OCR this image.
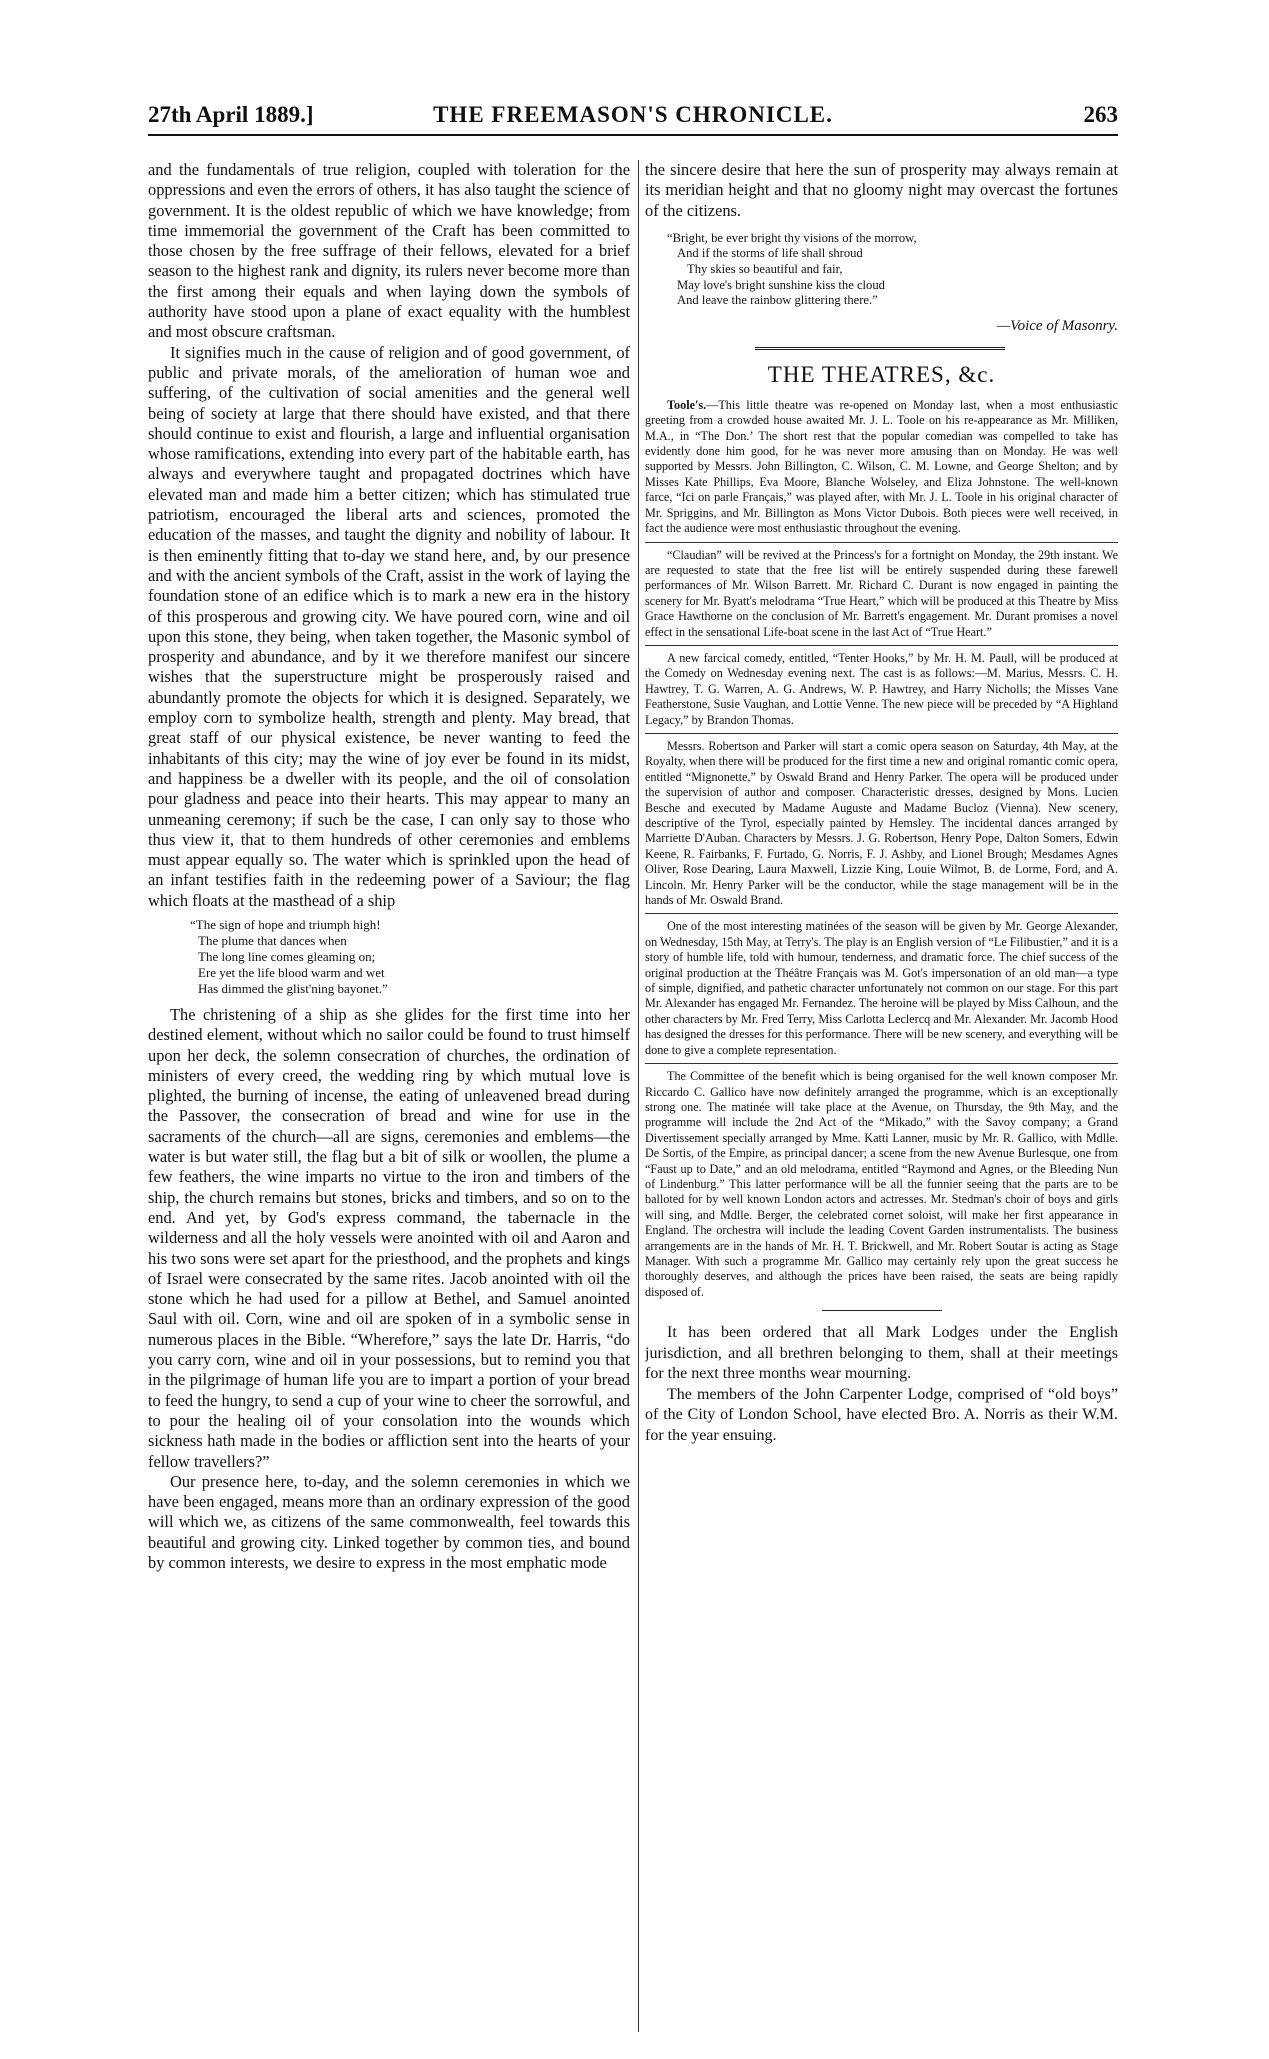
27th April 1889.]	THE FREEMASON'S CHRONICLE.	263

and the fundamentals of true religion, coupled with toleration for the oppressions and even the errors of others, it has also taught the science of government. It is the oldest republic of which we have knowledge; from time immemorial the government of the Craft has been committed to those chosen by the free suffrage of their fellows, elevated for a brief season to the highest rank and dignity, its rulers never become more than the first among their equals and when laying down the symbols of authority have stood upon a plane of exact equality with the humblest and most obscure craftsman.

It signifies much in the cause of religion and of good government, of public and private morals, of the amelioration of human woe and suffering, of the cultivation of social amenities and the general well being of society at large that there should have existed, and that there should continue to exist and flourish, a large and influential organisation whose ramifications, extending into every part of the habitable earth, has always and everywhere taught and propagated doctrines which have elevated man and made him a better citizen; which has stimulated true patriotism, encouraged the liberal arts and sciences, promoted the education of the masses, and taught the dignity and nobility of labour. It is then eminently fitting that to-day we stand here, and, by our presence and with the ancient symbols of the Craft, assist in the work of laying the foundation stone of an edifice which is to mark a new era in the history of this prosperous and growing city. We have poured corn, wine and oil upon this stone, they being, when taken together, the Masonic symbol of prosperity and abundance, and by it we therefore manifest our sincere wishes that the superstructure might be prosperously raised and abundantly promote the objects for which it is designed. Separately, we employ corn to symbolize health, strength and plenty. May bread, that great staff of our physical existence, be never wanting to feed the inhabitants of this city; may the wine of joy ever be found in its midst, and happiness be a dweller with its people, and the oil of consolation pour gladness and peace into their hearts. This may appear to many an unmeaning ceremony; if such be the case, I can only say to those who thus view it, that to them hundreds of other ceremonies and emblems must appear equally so. The water which is sprinkled upon the head of an infant testifies faith in the redeeming power of a Saviour; the flag which floats at the masthead of a ship

“The sign of hope and triumph high!
The plume that dances when
The long line comes gleaming on;
Ere yet the life blood warm and wet
Has dimmed the glist'ning bayonet.”

The christening of a ship as she glides for the first time into her destined element, without which no sailor could be found to trust himself upon her deck, the solemn consecration of churches, the ordination of ministers of every creed, the wedding ring by which mutual love is plighted, the burning of incense, the eating of unleavened bread during the Passover, the consecration of bread and wine for use in the sacraments of the church—all are signs, ceremonies and emblems—the water is but water still, the flag but a bit of silk or woollen, the plume a few feathers, the wine imparts no virtue to the iron and timbers of the ship, the church remains but stones, bricks and timbers, and so on to the end. And yet, by God's express command, the tabernacle in the wilderness and all the holy vessels were anointed with oil and Aaron and his two sons were set apart for the priesthood, and the prophets and kings of Israel were consecrated by the same rites. Jacob anointed with oil the stone which he had used for a pillow at Bethel, and Samuel anointed Saul with oil. Corn, wine and oil are spoken of in a symbolic sense in numerous places in the Bible. “Wherefore,” says the late Dr. Harris, “do you carry corn, wine and oil in your possessions, but to remind you that in the pilgrimage of human life you are to impart a portion of your bread to feed the hungry, to send a cup of your wine to cheer the sorrowful, and to pour the healing oil of your consolation into the wounds which sickness hath made in the bodies or affliction sent into the hearts of your fellow travellers?”

Our presence here, to-day, and the solemn ceremonies in which we have been engaged, means more than an ordinary expression of the good will which we, as citizens of the same commonwealth, feel towards this beautiful and growing city. Linked together by common ties, and bound by common interests, we desire to express in the most emphatic mode

the sincere desire that here the sun of prosperity may always remain at its meridian height and that no gloomy night may overcast the fortunes of the citizens.

“Bright, be ever bright thy visions of the morrow,
And if the storms of life shall shroud
Thy skies so beautiful and fair,
May love's bright sunshine kiss the cloud
And leave the rainbow glittering there.”
—Voice of Masonry.
THE THEATRES, &c.

Toole's.—This little theatre was re-opened on Monday last, when a most enthusiastic greeting from a crowded house awaited Mr. J. L. Toole on his re-appearance as Mr. Milliken, M.A., in “The Don.’ The short rest that the popular comedian was compelled to take has evidently done him good, for he was never more amusing than on Monday. He was well supported by Messrs. John Billington, C. Wilson, C. M. Lowne, and George Shelton; and by Misses Kate Phillips, Eva Moore, Blanche Wolseley, and Eliza Johnstone. The well-known farce, “Ici on parle Français,” was played after, with Mr. J. L. Toole in his original character of Mr. Spriggins, and Mr. Billington as Mons Victor Dubois. Both pieces were well received, in fact the audience were most enthusiastic throughout the evening.

“Claudian” will be revived at the Princess's for a fortnight on Monday, the 29th instant. We are requested to state that the free list will be entirely suspended during these farewell performances of Mr. Wilson Barrett. Mr. Richard C. Durant is now engaged in painting the scenery for Mr. Byatt's melodrama “True Heart,” which will be produced at this Theatre by Miss Grace Hawthorne on the conclusion of Mr. Barrett's engagement. Mr. Durant promises a novel effect in the sensational Life-boat scene in the last Act of “True Heart.”

A new farcical comedy, entitled, “Tenter Hooks,” by Mr. H. M. Paull, will be produced at the Comedy on Wednesday evening next. The cast is as follows:—M. Marius, Messrs. C. H. Hawtrey, T. G. Warren, A. G. Andrews, W. P. Hawtrey, and Harry Nicholls; the Misses Vane Featherstone, Susie Vaughan, and Lottie Venne. The new piece will be preceded by “A Highland Legacy,” by Brandon Thomas.

Messrs. Robertson and Parker will start a comic opera season on Saturday, 4th May, at the Royalty, when there will be produced for the first time a new and original romantic comic opera, entitled “Mignonette,” by Oswald Brand and Henry Parker. The opera will be produced under the supervision of author and composer. Characteristic dresses, designed by Mons. Lucien Besche and executed by Madame Auguste and Madame Bucloz (Vienna). New scenery, descriptive of the Tyrol, especially painted by Hemsley. The incidental dances arranged by Marriette D'Auban. Characters by Messrs. J. G. Robertson, Henry Pope, Dalton Somers, Edwin Keene, R. Fairbanks, F. Furtado, G. Norris, F. J. Ashby, and Lionel Brough; Mesdames Agnes Oliver, Rose Dearing, Laura Maxwell, Lizzie King, Louie Wilmot, B. de Lorme, Ford, and A. Lincoln. Mr. Henry Parker will be the conductor, while the stage management will be in the hands of Mr. Oswald Brand.

One of the most interesting matinées of the season will be given by Mr. George Alexander, on Wednesday, 15th May, at Terry's. The play is an English version of “Le Filibustier,” and it is a story of humble life, told with humour, tenderness, and dramatic force. The chief success of the original production at the Théâtre Français was M. Got's impersonation of an old man—a type of simple, dignified, and pathetic character unfortunately not common on our stage. For this part Mr. Alexander has engaged Mr. Fernandez. The heroine will be played by Miss Calhoun, and the other characters by Mr. Fred Terry, Miss Carlotta Leclercq and Mr. Alexander. Mr. Jacomb Hood has designed the dresses for this performance. There will be new scenery, and everything will be done to give a complete representation.

The Committee of the benefit which is being organised for the well known composer Mr. Riccardo C. Gallico have now definitely arranged the programme, which is an exceptionally strong one. The matinée will take place at the Avenue, on Thursday, the 9th May, and the programme will include the 2nd Act of the “Mikado,” with the Savoy company; a Grand Divertissement specially arranged by Mme. Katti Lanner, music by Mr. R. Gallico, with Mdlle. De Sortis, of the Empire, as principal dancer; a scene from the new Avenue Burlesque, one from “Faust up to Date,” and an old melodrama, entitled “Raymond and Agnes, or the Bleeding Nun of Lindenburg.” This latter performance will be all the funnier seeing that the parts are to be balloted for by well known London actors and actresses. Mr. Stedman's choir of boys and girls will sing, and Mdlle. Berger, the celebrated cornet soloist, will make her first appearance in England. The orchestra will include the leading Covent Garden instrumentalists. The business arrangements are in the hands of Mr. H. T. Brickwell, and Mr. Robert Soutar is acting as Stage Manager. With such a programme Mr. Gallico may certainly rely upon the great success he thoroughly deserves, and although the prices have been raised, the seats are being rapidly disposed of.

It has been ordered that all Mark Lodges under the English jurisdiction, and all brethren belonging to them, shall at their meetings for the next three months wear mourning.

The members of the John Carpenter Lodge, comprised of “old boys” of the City of London School, have elected Bro. A. Norris as their W.M. for the year ensuing.
